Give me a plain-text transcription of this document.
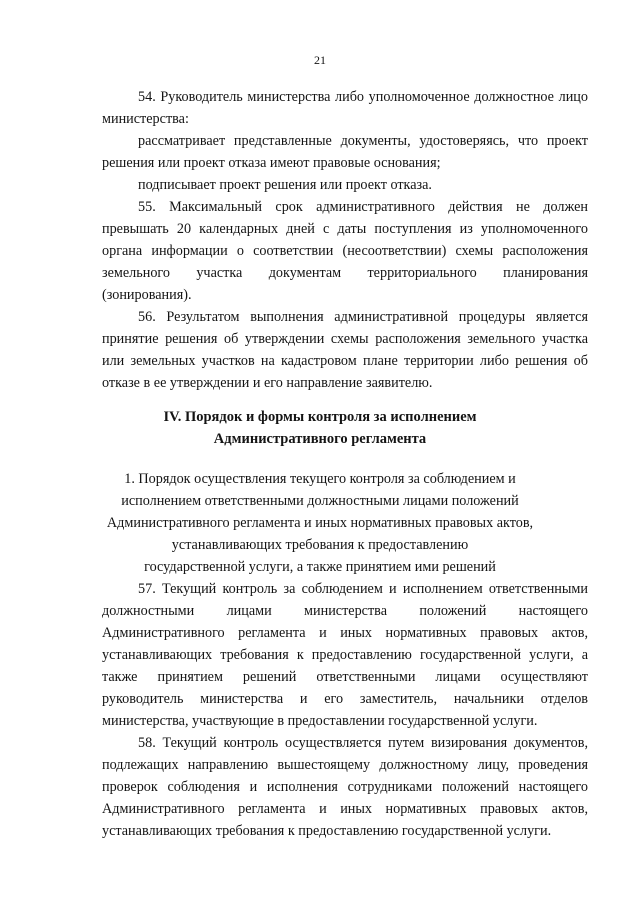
21

54. Руководитель министерства либо уполномоченное должностное лицо министерства:

рассматривает представленные документы, удостоверяясь, что проект решения или проект отказа имеют правовые основания;

подписывает проект решения или проект отказа.

55. Максимальный срок административного действия не должен превышать 20 календарных дней с даты поступления из уполномоченного органа информации о соответствии (несоответствии) схемы расположения земельного участка документам территориального планирования (зонирования).

56. Результатом выполнения административной процедуры является принятие решения об утверждении схемы расположения земельного участка или земельных участков на кадастровом плане территории либо решения об отказе в ее утверждении и его направление заявителю.

IV. Порядок и формы контроля за исполнением
Административного регламента
1. Порядок осуществления текущего контроля за соблюдением и
исполнением ответственными должностными лицами положений
Административного регламента и иных нормативных правовых актов,
устанавливающих требования к предоставлению
государственной услуги, а также принятием ими решений

57. Текущий контроль за соблюдением и исполнением ответственными должностными лицами министерства положений настоящего Административного регламента и иных нормативных правовых актов, устанавливающих требования к предоставлению государственной услуги, а также принятием решений ответственными лицами осуществляют руководитель министерства и его заместитель, начальники отделов министерства, участвующие в предоставлении государственной услуги.

58. Текущий контроль осуществляется путем визирования документов, подлежащих направлению вышестоящему должностному лицу, проведения проверок соблюдения и исполнения сотрудниками положений настоящего Административного регламента и иных нормативных правовых актов, устанавливающих требования к предоставлению государственной услуги.
